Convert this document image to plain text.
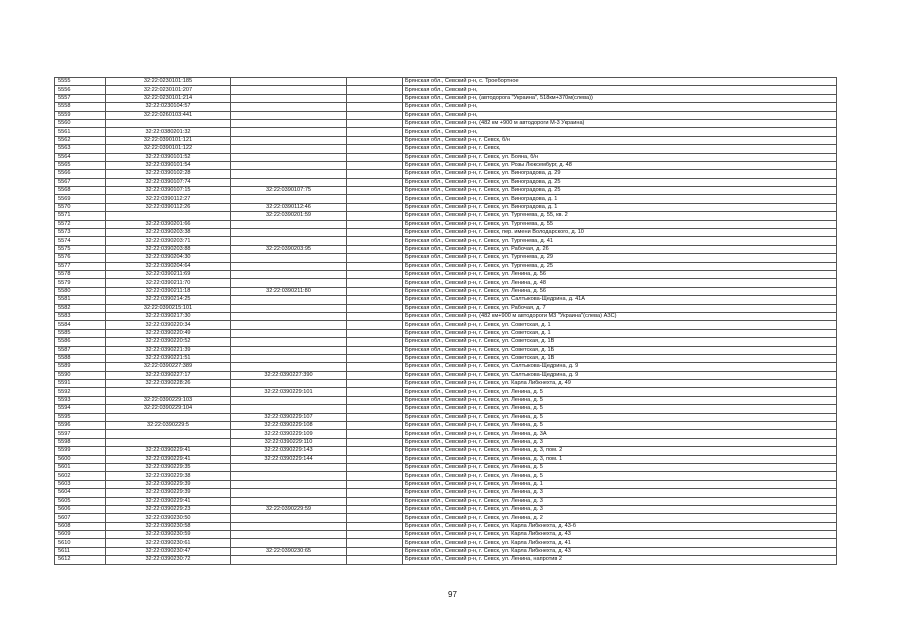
5555	32:22:0230101:185			Брянская обл., Севский р-н, с. Троебортное
5556	32:22:0230101:207			Брянская обл., Севский р-н,
5557	32:22:0230101:214			Брянская обл., Севский р-н, (автодорога "Украина", 518км+370м(слева))
5558	32:22:0230104:57			Брянская обл., Севский р-н,
5559	32:22:0260103:441			Брянская обл., Севский р-н,
5560				Брянская обл., Севский р-н, (482 км +900 м автодороги М-3 Украина)
5561	32:22:0380201:32			Брянская обл., Севский р-н,
5562	32:22:0390101:121			Брянская обл., Севский р-н, г. Севск, б/н
5563	32:22:0390101:122			Брянская обл., Севский р-н, г. Севск,
5564	32:22:0390101:52			Брянская обл., Севский р-н, г. Севск, ул. Бояна, б/н
5565	32:22:0390101:54			Брянская обл., Севский р-н, г. Севск, ул. Розы Люксембург, д. 48
5566	32:22:0390102:28			Брянская обл., Севский р-н, г. Севск, ул. Виноградова, д. 29
5567	32:22:0390107:74			Брянская обл., Севский р-н, г. Севск, ул. Виноградова, д. 25
5568	32:22:0390107:15	32:22:0390107:75		Брянская обл., Севский р-н, г. Севск, ул. Виноградова, д. 25
5569	32:22:0390112:27			Брянская обл., Севский р-н, г. Севск, ул. Виноградова, д. 1
5570	32:22:0390112:26	32:22:0390112:46		Брянская обл., Севский р-н, г. Севск, ул. Виноградова, д. 1
5571		32:22:0390201:59		Брянская обл., Севский р-н, г. Севск, ул. Тургенева, д. 55, кв. 2
5572	32:22:0390201:66			Брянская обл., Севский р-н, г. Севск, ул. Тургенева, д. 55
5573	32:22:0390203:38			Брянская обл., Севский р-н, г. Севск, пер. имени Володарского, д. 10
5574	32:22:0390203:71			Брянская обл., Севский р-н, г. Севск, ул. Тургенева, д. 41
5575	32:22:0390203:88	32:22:0390203:95		Брянская обл., Севский р-н, г. Севск, ул. Рабочая, д. 26
5576	32:22:0390204:30			Брянская обл., Севский р-н, г. Севск, ул. Тургенева, д. 29
5577	32:22:0390204:64			Брянская обл., Севский р-н, г. Севск, ул. Тургенева, д. 25
5578	32:22:0390211:69			Брянская обл., Севский р-н, г. Севск, ул. Ленина, д. 56
5579	32:22:0390211:70			Брянская обл., Севский р-н, г. Севск, ул. Ленина, д. 48
5580	32:22:0390211:18	32:22:0390211:80		Брянская обл., Севский р-н, г. Севск, ул. Ленина, д. 56
5581	32:22:0390214:25			Брянская обл., Севский р-н, г. Севск, ул. Салтыкова-Щедрина, д. 41А
5582	32:22:0390215:101			Брянская обл., Севский р-н, г. Севск, ул. Рабочая, д. 7
5583	32:22:0390217:30			Брянская обл., Севский р-н, (482 км+900 м автодороги М3 "Украина"(слева) АЗС)
5584	32:22:0390220:34			Брянская обл., Севский р-н, г. Севск, ул. Советская, д. 1
5585	32:22:0390220:49			Брянская обл., Севский р-н, г. Севск, ул. Советская, д. 1
5586	32:22:0390220:52			Брянская обл., Севский р-н, г. Севск, ул. Советская, д. 1В
5587	32:22:0390221:39			Брянская обл., Севский р-н, г. Севск, ул. Советская, д. 1Б
5588	32:22:0390221:51			Брянская обл., Севский р-н, г. Севск, ул. Советская, д. 1В
5589	32:22:0390227:389			Брянская обл., Севский р-н, г. Севск, ул. Салтыкова-Щедрина, д. 9
5590	32:22:0390227:17	32:22:0390227:390		Брянская обл., Севский р-н, г. Севск, ул. Салтыкова-Щедрина, д. 9
5591	32:22:0390228:26			Брянская обл., Севский р-н, г. Севск, ул. Карла Либкнехта, д. 49
5592		32:22:0390229:101		Брянская обл., Севский р-н, г. Севск, ул. Ленина, д. 5
5593	32:22:0390229:103			Брянская обл., Севский р-н, г. Севск, ул. Ленина, д. 5
5594	32:22:0390229:104			Брянская обл., Севский р-н, г. Севск, ул. Ленина, д. 5
5595		32:22:0390229:107		Брянская обл., Севский р-н, г. Севск, ул. Ленина, д. 5
5596	32:22:0390229:5	32:22:0390229:108		Брянская обл., Севский р-н, г. Севск, ул. Ленина, д. 5
5597		32:22:0390229:109		Брянская обл., Севский р-н, г. Севск, ул. Ленина, д. 3А
5598		32:22:0390229:110		Брянская обл., Севский р-н, г. Севск, ул. Ленина, д. 3
5599	32:22:0390229:41	32:22:0390229:143		Брянская обл., Севский р-н, г. Севск, ул. Ленина, д. 3, пом. 2
5600	32:22:0390229:41	32:22:0390229:144		Брянская обл., Севский р-н, г. Севск, ул. Ленина, д. 3, пом. 1
5601	32:22:0390229:35			Брянская обл., Севский р-н, г. Севск, ул. Ленина, д. 5
5602	32:22:0390229:38			Брянская обл., Севский р-н, г. Севск, ул. Ленина, д. 5
5603	32:22:0390229:39			Брянская обл., Севский р-н, г. Севск, ул. Ленина, д. 1
5604	32:22:0390229:39			Брянская обл., Севский р-н, г. Севск, ул. Ленина, д. 3
5605	32:22:0390229:41			Брянская обл., Севский р-н, г. Севск, ул. Ленина, д. 3
5606	32:22:0390229:23	32:22:0390229:59		Брянская обл., Севский р-н, г. Севск, ул. Ленина, д. 3
5607	32:22:0390230:50			Брянская обл., Севский р-н, г. Севск, ул. Ленина, д. 2
5608	32:22:0390230:58			Брянская обл., Севский р-н, г. Севск, ул. Карла Либкнехта, д. 43-б
5609	32:22:0390230:59			Брянская обл., Севский р-н, г. Севск, ул. Карла Либкнехта, д. 43
5610	32:22:0390230:61			Брянская обл., Севский р-н, г. Севск, ул. Карла Либкнехта, д. 41
5611	32:22:0390230:47	32:22:0390230:65		Брянская обл., Севский р-н, г. Севск, ул. Карла Либкнехта, д. 43
5612	32:22:0390230:72			Брянская обл., Севский р-н, г. Севск, ул. Ленина, напротив 2
97
